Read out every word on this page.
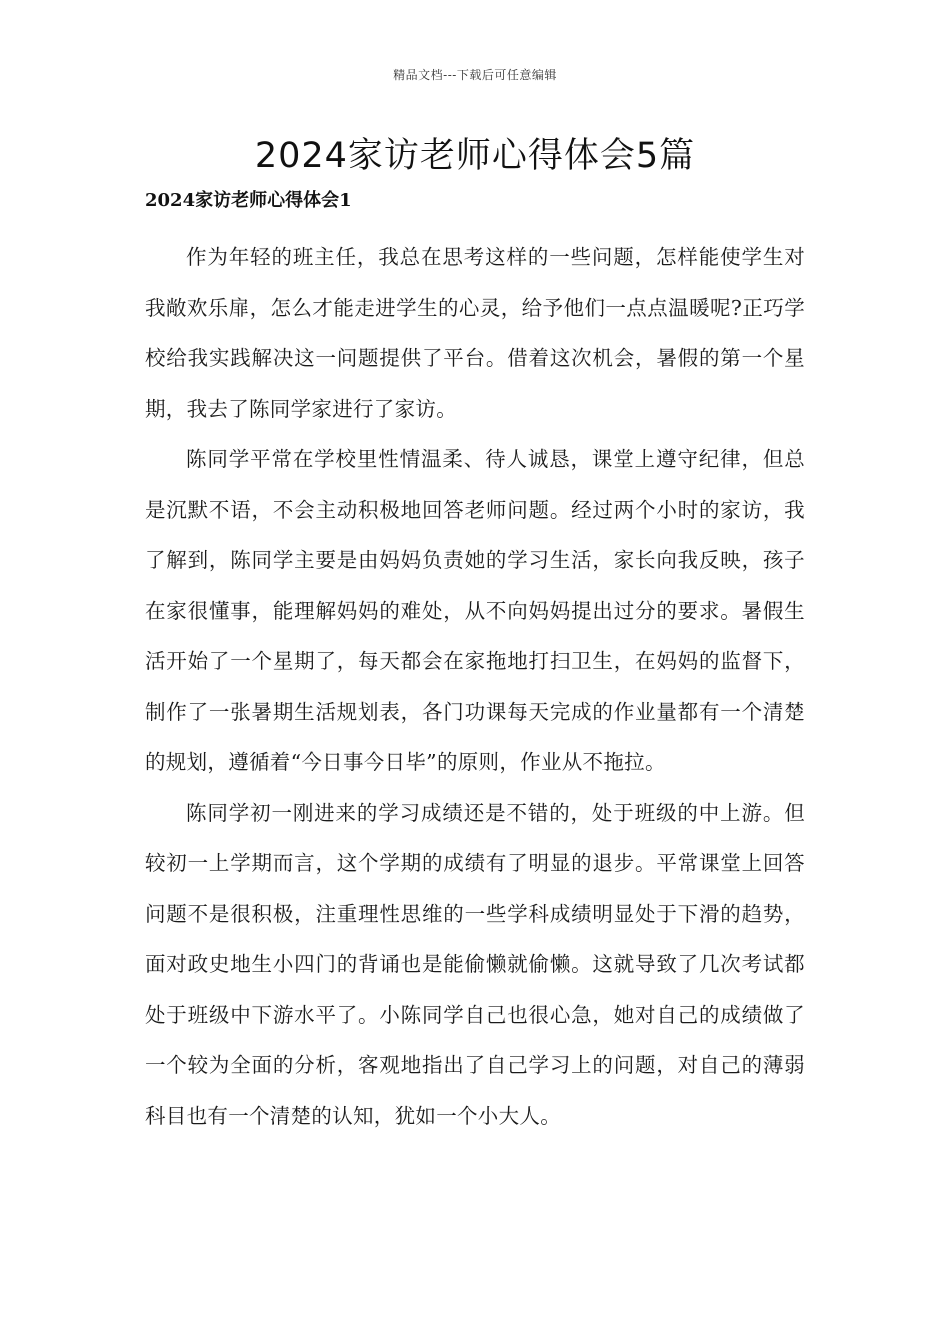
精品文档---下载后可任意编辑
2024家访老师心得体会5篇
2024家访老师心得体会1

作为年轻的班主任，我总在思考这样的一些问题，怎样能使学生对我敞欢乐扉，怎么才能走进学生的心灵，给予他们一点点温暖呢?正巧学校给我实践解决这一问题提供了平台。借着这次机会，暑假的第一个星期，我去了陈同学家进行了家访。

陈同学平常在学校里性情温柔、待人诚恳，课堂上遵守纪律，但总是沉默不语，不会主动积极地回答老师问题。经过两个小时的家访，我了解到，陈同学主要是由妈妈负责她的学习生活，家长向我反映，孩子在家很懂事，能理解妈妈的难处，从不向妈妈提出过分的要求。暑假生活开始了一个星期了，每天都会在家拖地打扫卫生，在妈妈的监督下，制作了一张暑期生活规划表，各门功课每天完成的作业量都有一个清楚的规划，遵循着“今日事今日毕”的原则，作业从不拖拉。

陈同学初一刚进来的学习成绩还是不错的，处于班级的中上游。但较初一上学期而言，这个学期的成绩有了明显的退步。平常课堂上回答问题不是很积极，注重理性思维的一些学科成绩明显处于下滑的趋势，面对政史地生小四门的背诵也是能偷懒就偷懒。这就导致了几次考试都处于班级中下游水平了。小陈同学自己也很心急，她对自己的成绩做了一个较为全面的分析，客观地指出了自己学习上的问题，对自己的薄弱科目也有一个清楚的认知，犹如一个小大人。
